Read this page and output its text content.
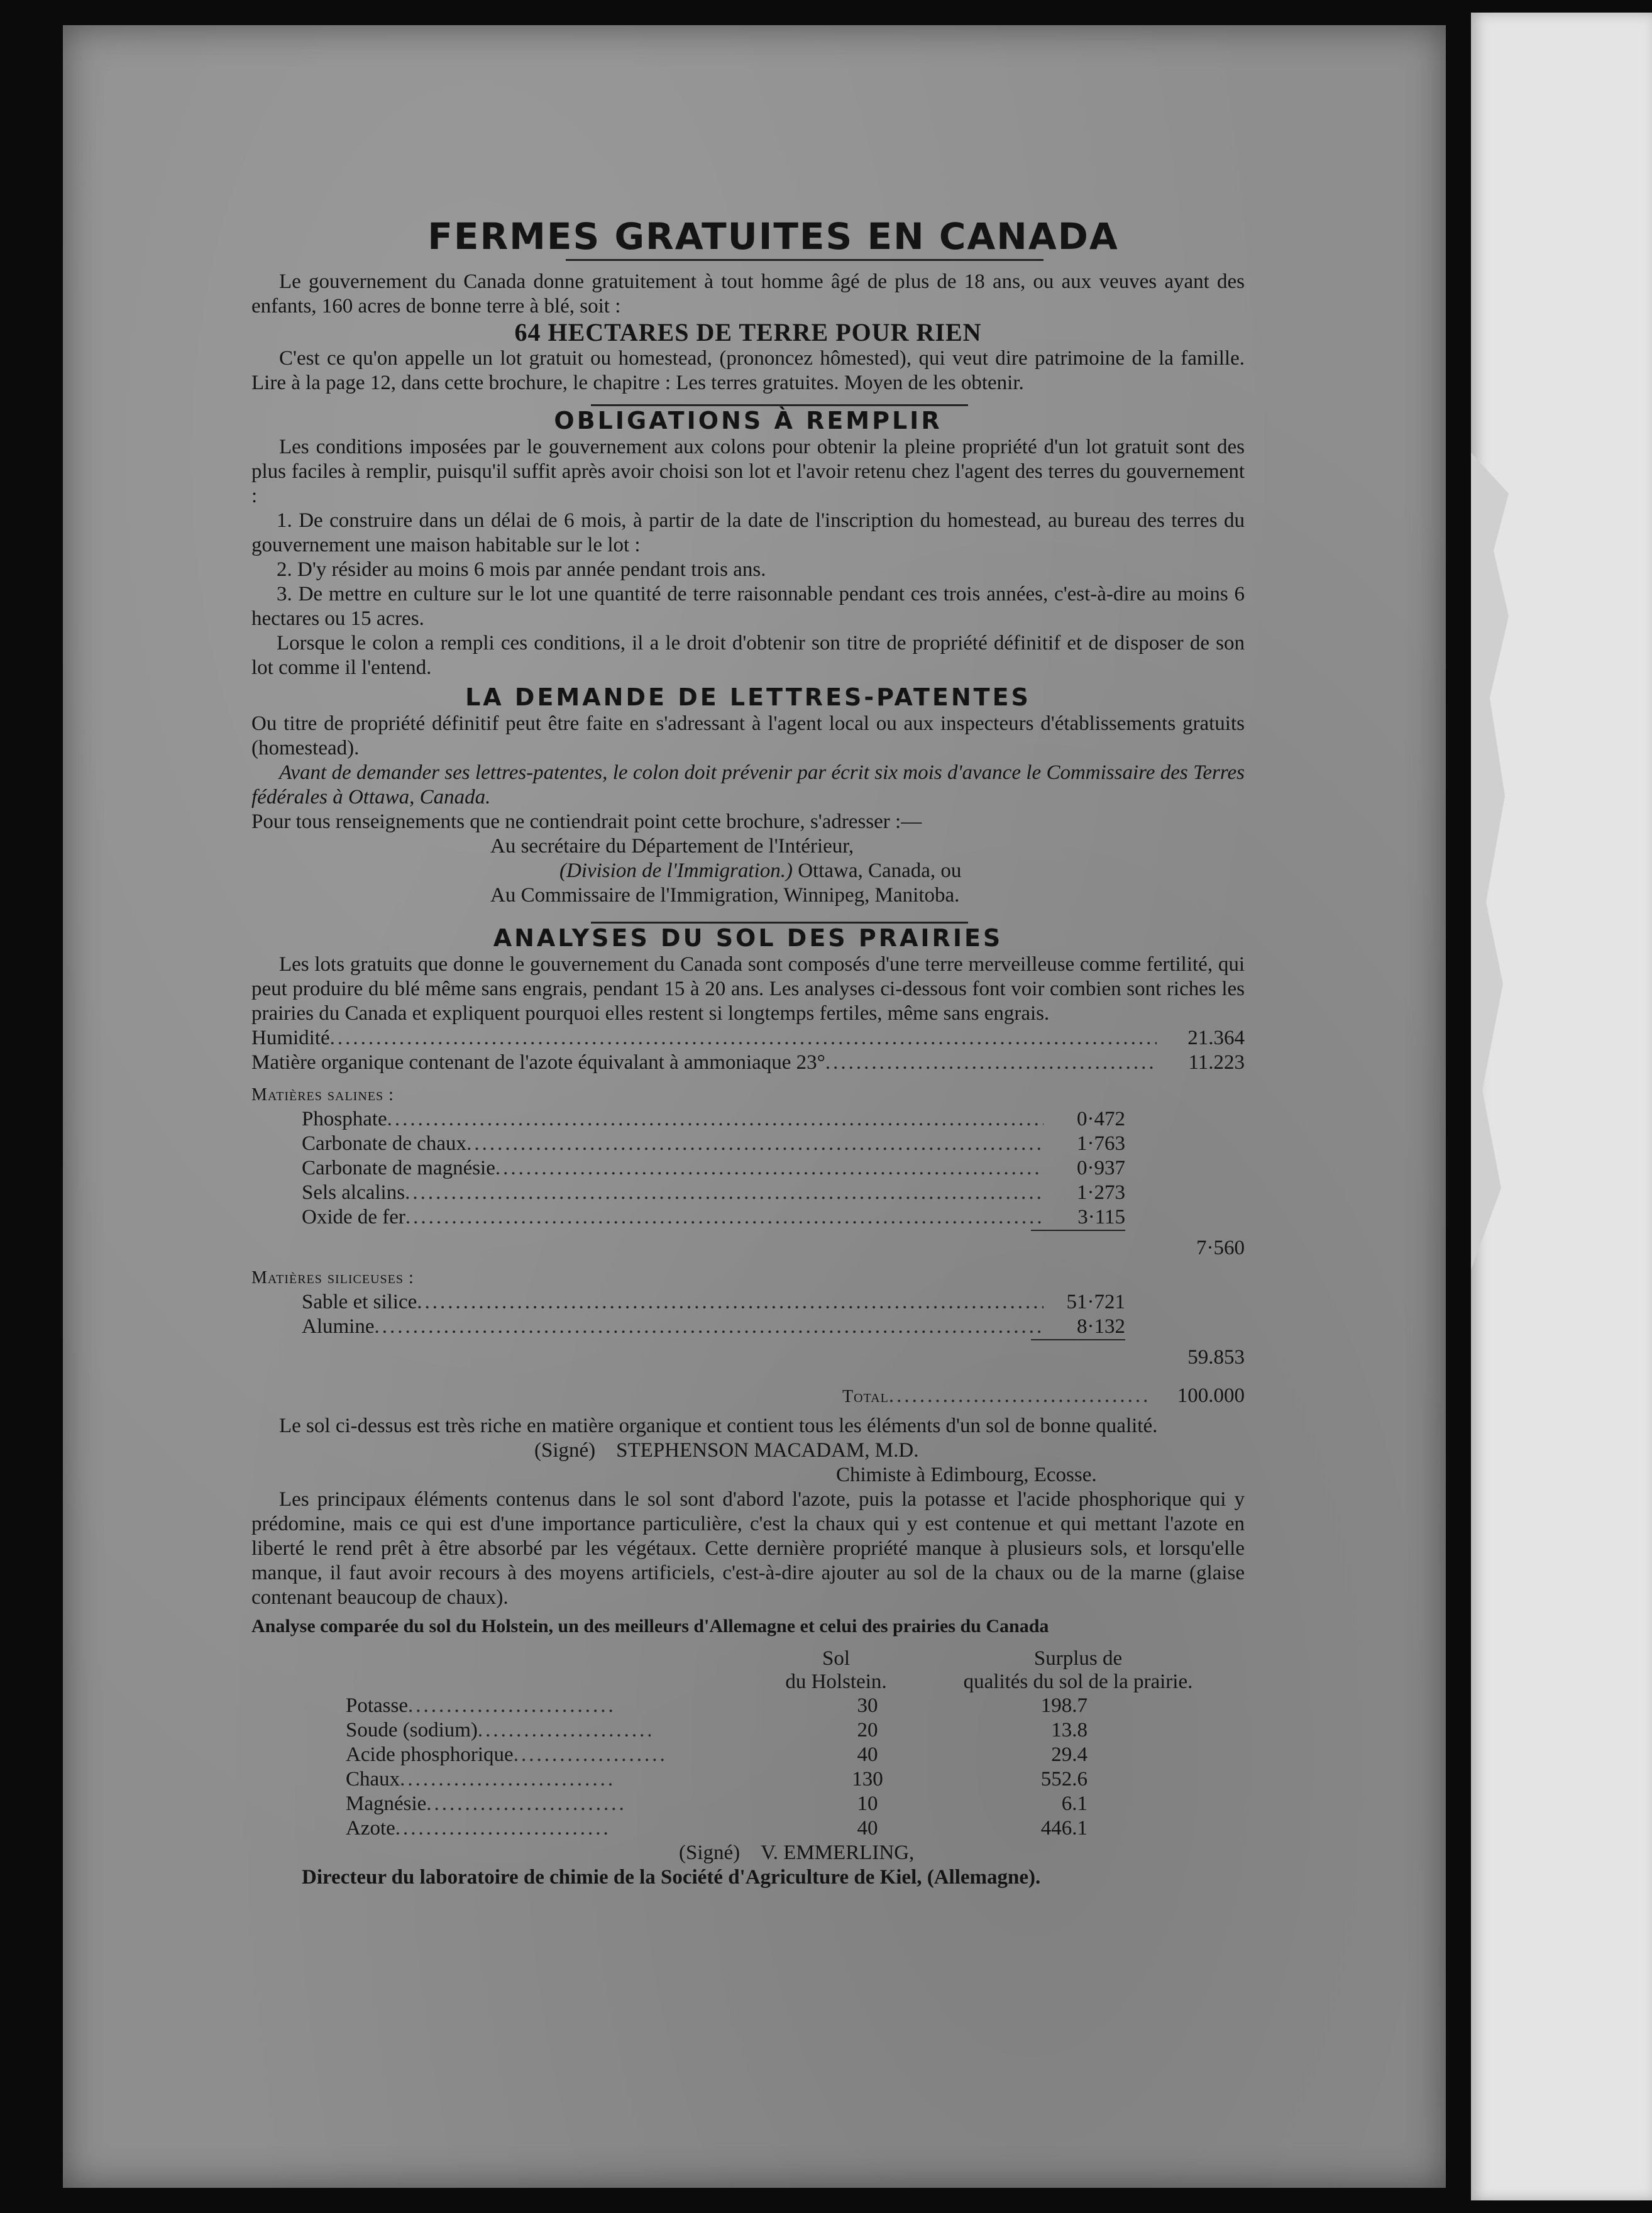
FERMES GRATUITES EN CANADA

Le gouvernement du Canada donne gratuitement à tout homme âgé de plus de 18 ans, ou aux veuves ayant des enfants, 160 acres de bonne terre à blé, soit :

64 HECTARES DE TERRE POUR RIEN

C'est ce qu'on appelle un lot gratuit ou homestead, (prononcez hômested), qui veut dire patrimoine de la famille. Lire à la page 12, dans cette brochure, le chapitre : Les terres gratuites. Moyen de les obtenir.

OBLIGATIONS À REMPLIR

Les conditions imposées par le gouvernement aux colons pour obtenir la pleine propriété d'un lot gratuit sont des plus faciles à remplir, puisqu'il suffit après avoir choisi son lot et l'avoir retenu chez l'agent des terres du gouvernement :

1. De construire dans un délai de 6 mois, à partir de la date de l'inscription du homestead, au bureau des terres du gouvernement une maison habitable sur le lot :

2. D'y résider au moins 6 mois par année pendant trois ans.

3. De mettre en culture sur le lot une quantité de terre raisonnable pendant ces trois années, c'est-à-dire au moins 6 hectares ou 15 acres.

Lorsque le colon a rempli ces conditions, il a le droit d'obtenir son titre de propriété définitif et de disposer de son lot comme il l'entend.

LA DEMANDE DE LETTRES-PATENTES

Ou titre de propriété définitif peut être faite en s'adressant à l'agent local ou aux inspecteurs d'établissements gratuits (homestead).

Avant de demander ses lettres-patentes, le colon doit prévenir par écrit six mois d'avance le Commissaire des Terres fédérales à Ottawa, Canada.

Pour tous renseignements que ne contiendrait point cette brochure, s'adresser :—

Au secrétaire du Département de l'Intérieur,
(Division de l'Immigration.) Ottawa, Canada, ou
Au Commissaire de l'Immigration, Winnipeg, Manitoba.
ANALYSES DU SOL DES PRAIRIES

Les lots gratuits que donne le gouvernement du Canada sont composés d'une terre merveilleuse comme fertilité, qui peut produire du blé même sans engrais, pendant 15 à 20 ans. Les analyses ci-dessous font voir combien sont riches les prairies du Canada et expliquent pourquoi elles restent si longtemps fertiles, même sans engrais.

Humidité .....	21.364
Matière organique contenant de l'azote équivalant à ammoniaque 23° .....	11.223
Matières salines :
Phosphate .....	0·472
Carbonate de chaux .....	1·763
Carbonate de magnésie .....	0·937
Sels alcalins .....	1·273
Oxide de fer .....	3·115
7·560
Matières siliceuses :
Sable et silice .....	51·721
Alumine .....	8·132
59.853
Total .....	100.000

Le sol ci-dessus est très riche en matière organique et contient tous les éléments d'un sol de bonne qualité.

(Signé) STEPHENSON MACADAM, M.D.
Chimiste à Edimbourg, Ecosse.

Les principaux éléments contenus dans le sol sont d'abord l'azote, puis la potasse et l'acide phosphorique qui y prédomine, mais ce qui est d'une importance particulière, c'est la chaux qui y est contenue et qui mettant l'azote en liberté le rend prêt à être absorbé par les végétaux. Cette dernière propriété manque à plusieurs sols, et lorsqu'elle manque, il faut avoir recours à des moyens artificiels, c'est-à-dire ajouter au sol de la chaux ou de la marne (glaise contenant beaucoup de chaux).

Analyse comparée du sol du Holstein, un des meilleurs d'Allemagne et celui des prairies du Canada

Sol
du Holstein.
Surplus de
qualités du sol de la prairie.
Potasse .....	30	198.7
Soude (sodium) .....	20	13.8
Acide phosphorique .....	40	29.4
Chaux .....	130	552.6
Magnésie .....	10	6.1
Azote .....	40	446.1
(Signé) V. EMMERLING,
Directeur du laboratoire de chimie de la Société d'Agriculture de Kiel, (Allemagne).
